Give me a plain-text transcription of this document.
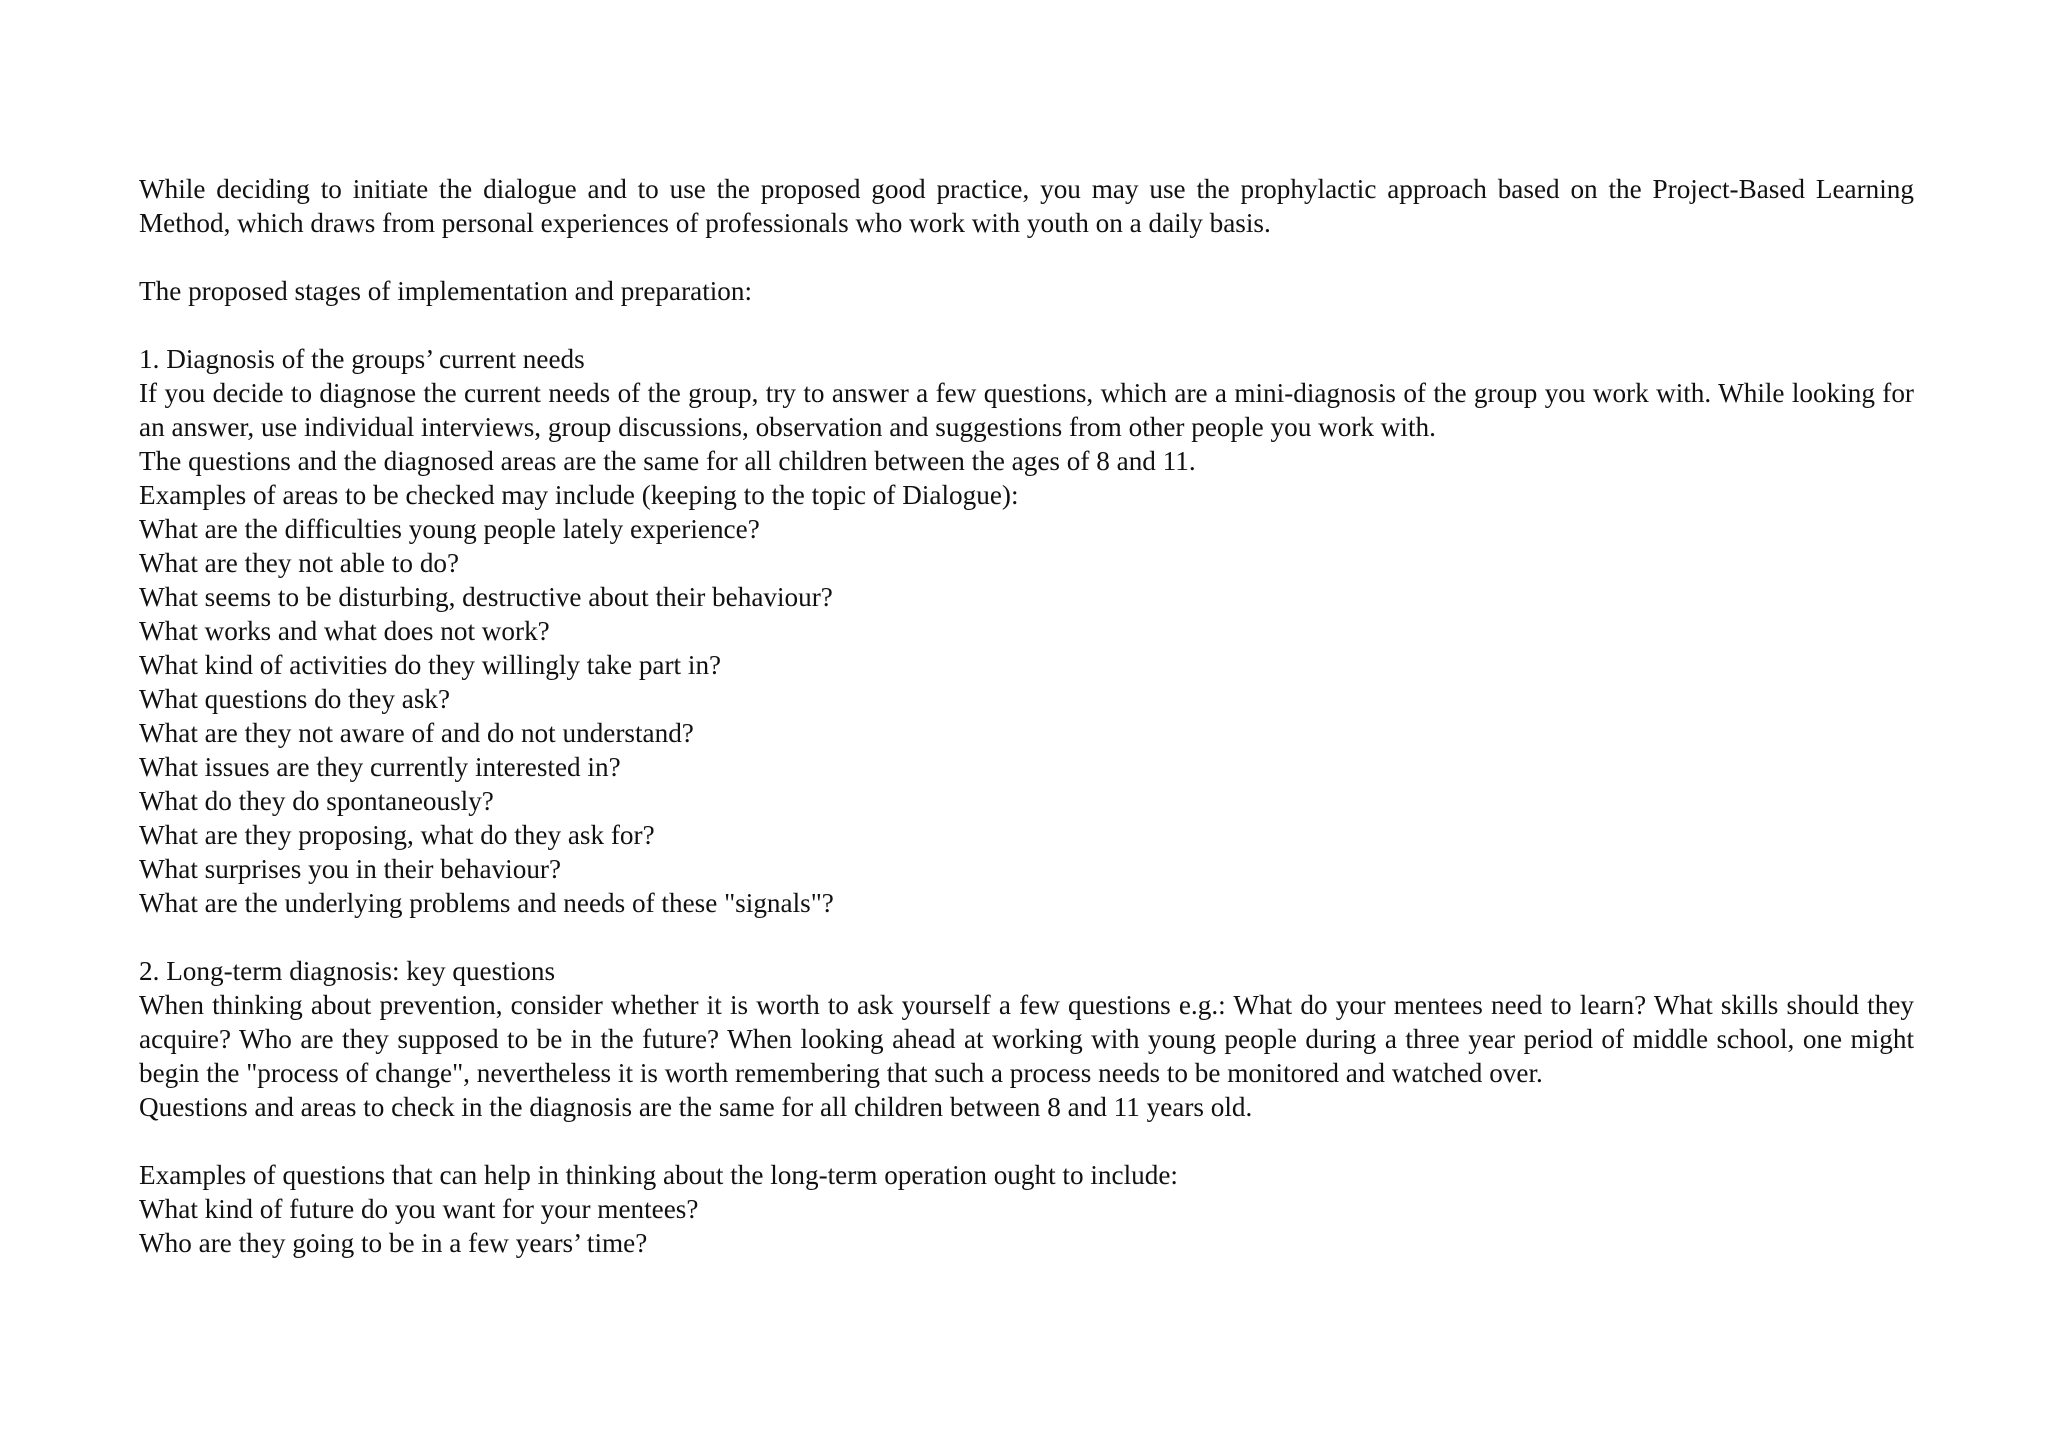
While deciding to initiate the dialogue and to use the proposed good practice, you may use the prophylactic approach based on the Project-Based Learning Method, which draws from personal experiences of professionals who work with youth on a daily basis.

The proposed stages of implementation and preparation:

1. Diagnosis of the groups’ current needs

If you decide to diagnose the current needs of the group, try to answer a few questions, which are a mini-diagnosis of the group you work with. While looking for an answer, use individual interviews, group discussions, observation and suggestions from other people you work with.

The questions and the diagnosed areas are the same for all children between the ages of 8 and 11.

Examples of areas to be checked may include (keeping to the topic of Dialogue):

What are the difficulties young people lately experience?

What are they not able to do?

What seems to be disturbing, destructive about their behaviour?

What works and what does not work?

What kind of activities do they willingly take part in?

What questions do they ask?

What are they not aware of and do not understand?

What issues are they currently interested in?

What do they do spontaneously?

What are they proposing, what do they ask for?

What surprises you in their behaviour?

What are the underlying problems and needs of these "signals"?

2. Long-term diagnosis: key questions

When thinking about prevention, consider whether it is worth to ask yourself a few questions e.g.: What do your mentees need to learn? What skills should they acquire? Who are they supposed to be in the future? When looking ahead at working with young people during a three year period of middle school, one might begin the "process of change", nevertheless it is worth remembering that such a process needs to be monitored and watched over.

Questions and areas to check in the diagnosis are the same for all children between 8 and 11 years old.

Examples of questions that can help in thinking about the long-term operation ought to include:

What kind of future do you want for your mentees?

Who are they going to be in a few years’ time?
